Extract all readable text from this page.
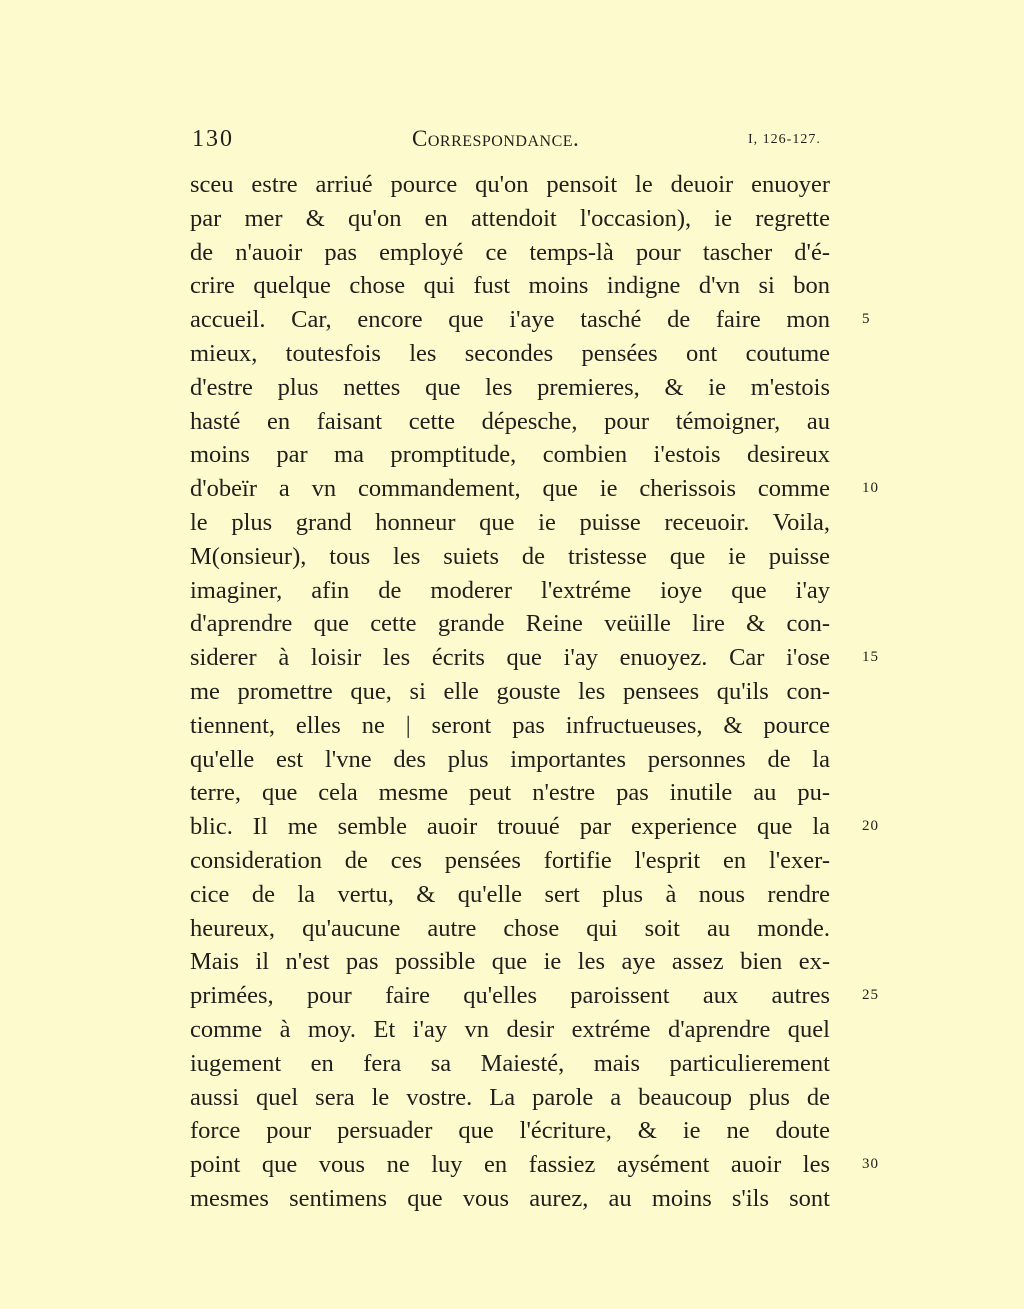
130	Correspondance.	I, 126-127.
sceu estre arriué pource qu'on pensoit le deuoir enuoyer
par mer & qu'on en attendoit l'occasion), ie regrette
de n'auoir pas employé ce temps-là pour tascher d'é-
crire quelque chose qui fust moins indigne d'vn si bon
accueil. Car, encore que i'aye tasché de faire mon 5
mieux, toutesfois les secondes pensées ont coutume
d'estre plus nettes que les premieres, & ie m'estois
hasté en faisant cette dépesche, pour témoigner, au
moins par ma promptitude, combien i'estois desireux
d'obeïr a vn commandement, que ie cherissois comme 10
le plus grand honneur que ie puisse receuoir. Voila,
M(onsieur), tous les suiets de tristesse que ie puisse
imaginer, afin de moderer l'extréme ioye que i'ay
d'aprendre que cette grande Reine veüille lire & con-
siderer à loisir les écrits que i'ay enuoyez. Car i'ose 15
me promettre que, si elle gouste les pensees qu'ils con-
tiennent, elles ne | seront pas infructueuses, & pource
qu'elle est l'vne des plus importantes personnes de la
terre, que cela mesme peut n'estre pas inutile au pu-
blic. Il me semble auoir trouué par experience que la 20
consideration de ces pensées fortifie l'esprit en l'exer-
cice de la vertu, & qu'elle sert plus à nous rendre
heureux, qu'aucune autre chose qui soit au monde.
Mais il n'est pas possible que ie les aye assez bien ex-
primées, pour faire qu'elles paroissent aux autres 25
comme à moy. Et i'ay vn desir extréme d'aprendre quel
iugement en fera sa Maiesté, mais particulierement
aussi quel sera le vostre. La parole a beaucoup plus de
force pour persuader que l'écriture, & ie ne doute
point que vous ne luy en fassiez aysément auoir les 30
mesmes sentimens que vous aurez, au moins s'ils sont
